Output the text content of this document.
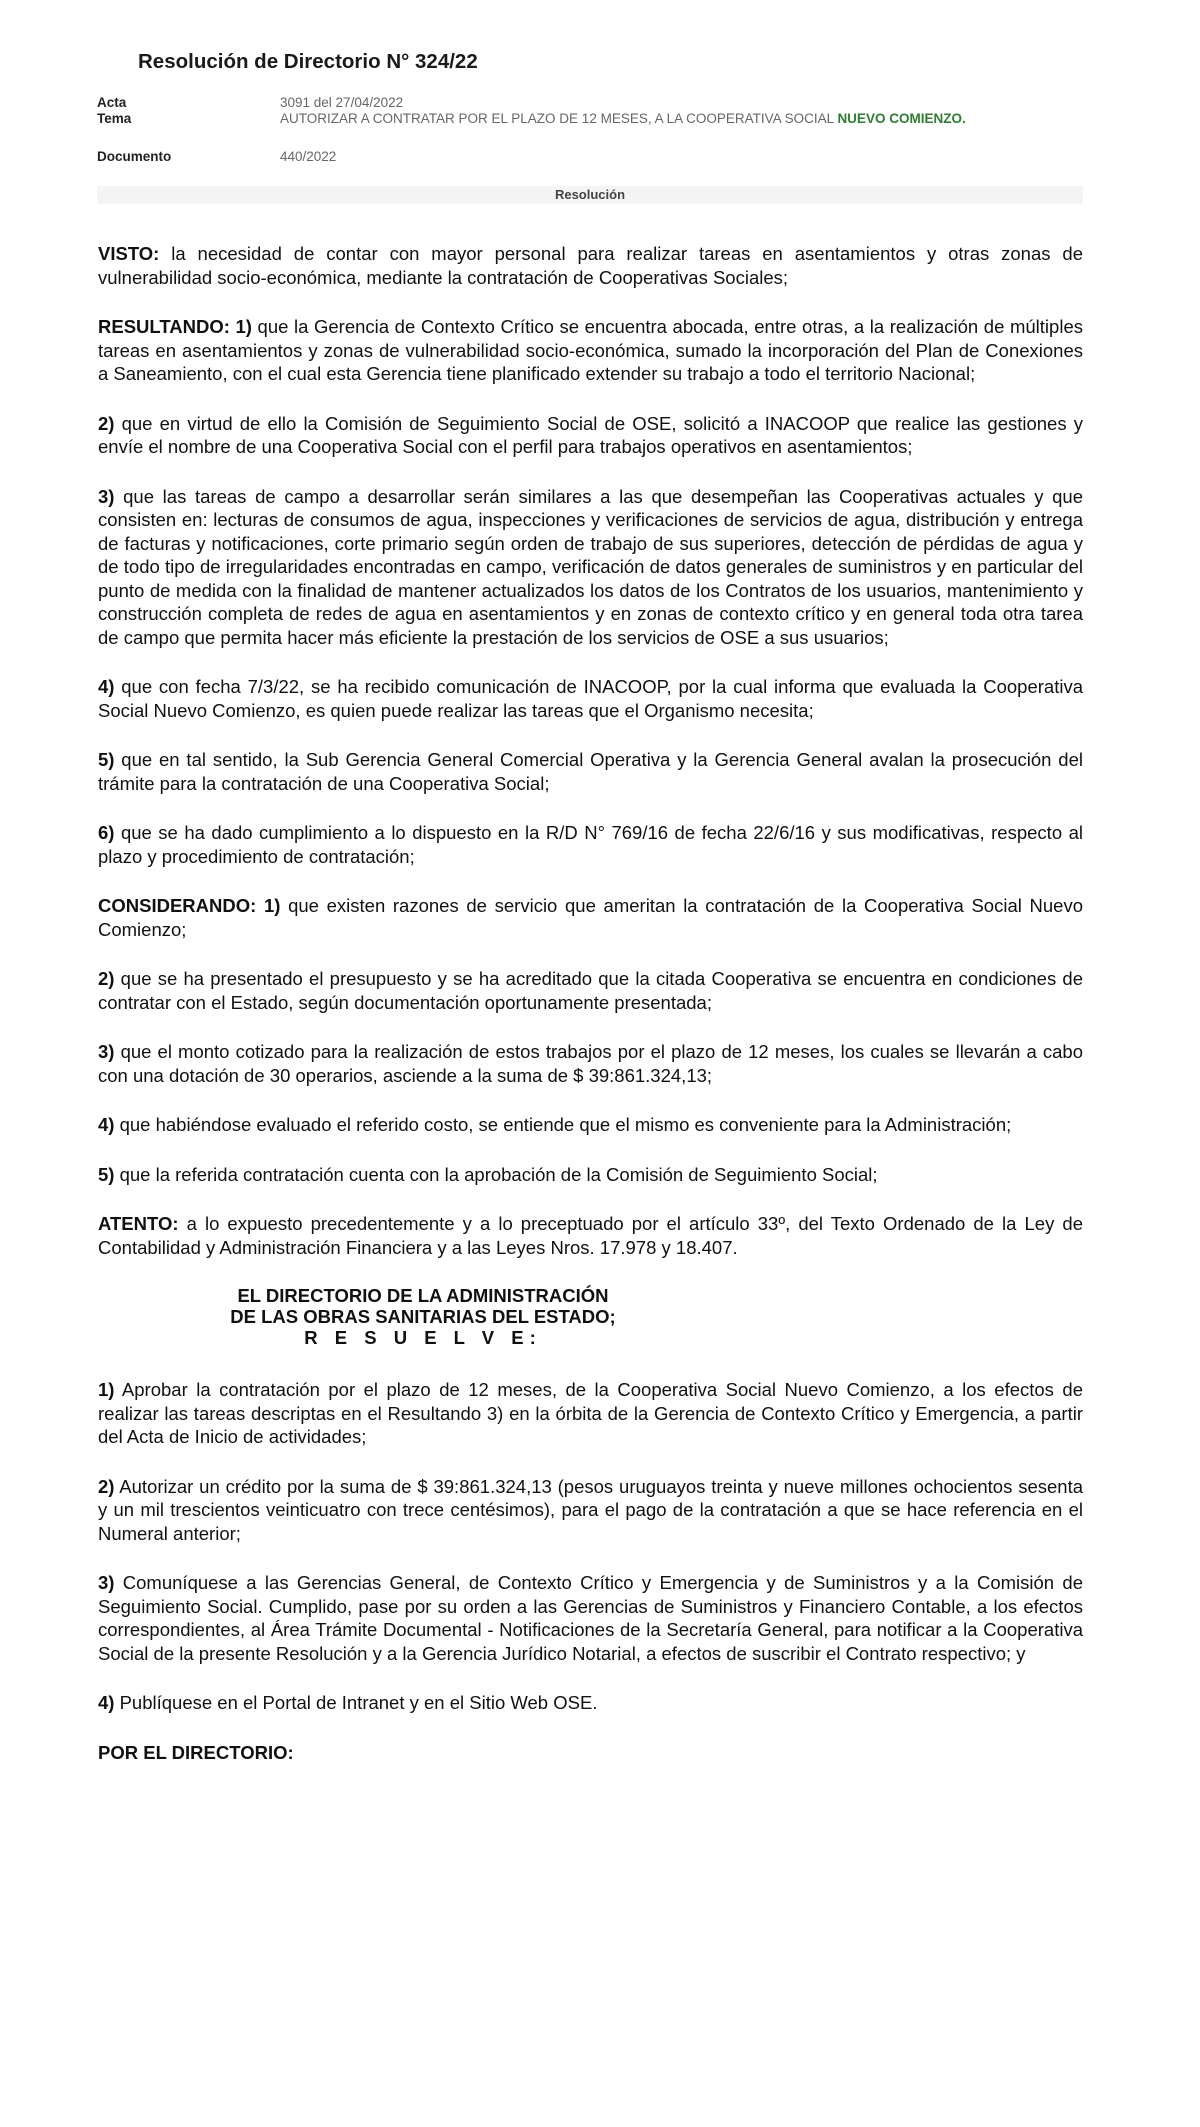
Resolución de Directorio N° 324/22
Acta	3091 del 27/04/2022
Tema	AUTORIZAR A CONTRATAR POR EL PLAZO DE 12 MESES, A LA COOPERATIVA SOCIAL NUEVO COMIENZO.
Documento	440/2022
Resolución

VISTO: la necesidad de contar con mayor personal para realizar tareas en asentamientos y otras zonas de vulnerabilidad socio-económica, mediante la contratación de Cooperativas Sociales;

RESULTANDO: 1) que la Gerencia de Contexto Crítico se encuentra abocada, entre otras, a la realización de múltiples tareas en asentamientos y zonas de vulnerabilidad socio-económica, sumado la incorporación del Plan de Conexiones a Saneamiento, con el cual esta Gerencia tiene planificado extender su trabajo a todo el territorio Nacional;

2) que en virtud de ello la Comisión de Seguimiento Social de OSE, solicitó a INACOOP que realice las gestiones y envíe el nombre de una Cooperativa Social con el perfil para trabajos operativos en asentamientos;

3) que las tareas de campo a desarrollar serán similares a las que desempeñan las Cooperativas actuales y que consisten en: lecturas de consumos de agua, inspecciones y verificaciones de servicios de agua, distribución y entrega de facturas y notificaciones, corte primario según orden de trabajo de sus superiores, detección de pérdidas de agua y de todo tipo de irregularidades encontradas en campo, verificación de datos generales de suministros y en particular del punto de medida con la finalidad de mantener actualizados los datos de los Contratos de los usuarios, mantenimiento y construcción completa de redes de agua en asentamientos y en zonas de contexto crítico y en general toda otra tarea de campo que permita hacer más eficiente la prestación de los servicios de OSE a sus usuarios;

4) que con fecha 7/3/22, se ha recibido comunicación de INACOOP, por la cual informa que evaluada la Cooperativa Social Nuevo Comienzo, es quien puede realizar las tareas que el Organismo necesita;

5) que en tal sentido, la Sub Gerencia General Comercial Operativa y la Gerencia General avalan la prosecución del trámite para la contratación de una Cooperativa Social;

6) que se ha dado cumplimiento a lo dispuesto en la R/D N° 769/16 de fecha 22/6/16 y sus modificativas, respecto al plazo y procedimiento de contratación;

CONSIDERANDO: 1) que existen razones de servicio que ameritan la contratación de la Cooperativa Social Nuevo Comienzo;

2) que se ha presentado el presupuesto y se ha acreditado que la citada Cooperativa se encuentra en condiciones de contratar con el Estado, según documentación oportunamente presentada;

3) que el monto cotizado para la realización de estos trabajos por el plazo de 12 meses, los cuales se llevarán a cabo con una dotación de 30 operarios, asciende a la suma de $ 39:861.324,13;

4) que habiéndose evaluado el referido costo, se entiende que el mismo es conveniente para la Administración;

5) que la referida contratación cuenta con la aprobación de la Comisión de Seguimiento Social;

ATENTO: a lo expuesto precedentemente y a lo preceptuado por el artículo 33º, del Texto Ordenado de la Ley de Contabilidad y Administración Financiera y a las Leyes Nros. 17.978 y 18.407.

EL DIRECTORIO DE LA ADMINISTRACIÓN
DE LAS OBRAS SANITARIAS DEL ESTADO;
R E S U E L V E:

1) Aprobar la contratación por el plazo de 12 meses, de la Cooperativa Social Nuevo Comienzo, a los efectos de realizar las tareas descriptas en el Resultando 3) en la órbita de la Gerencia de Contexto Crítico y Emergencia, a partir del Acta de Inicio de actividades;

2) Autorizar un crédito por la suma de $ 39:861.324,13 (pesos uruguayos treinta y nueve millones ochocientos sesenta y un mil trescientos veinticuatro con trece centésimos), para el pago de la contratación a que se hace referencia en el Numeral anterior;

3) Comuníquese a las Gerencias General, de Contexto Crítico y Emergencia y de Suministros y a la Comisión de Seguimiento Social. Cumplido, pase por su orden a las Gerencias de Suministros y Financiero Contable, a los efectos correspondientes, al Área Trámite Documental - Notificaciones de la Secretaría General, para notificar a la Cooperativa Social de la presente Resolución y a la Gerencia Jurídico Notarial, a efectos de suscribir el Contrato respectivo; y

4) Publíquese en el Portal de Intranet y en el Sitio Web OSE.

POR EL DIRECTORIO:
